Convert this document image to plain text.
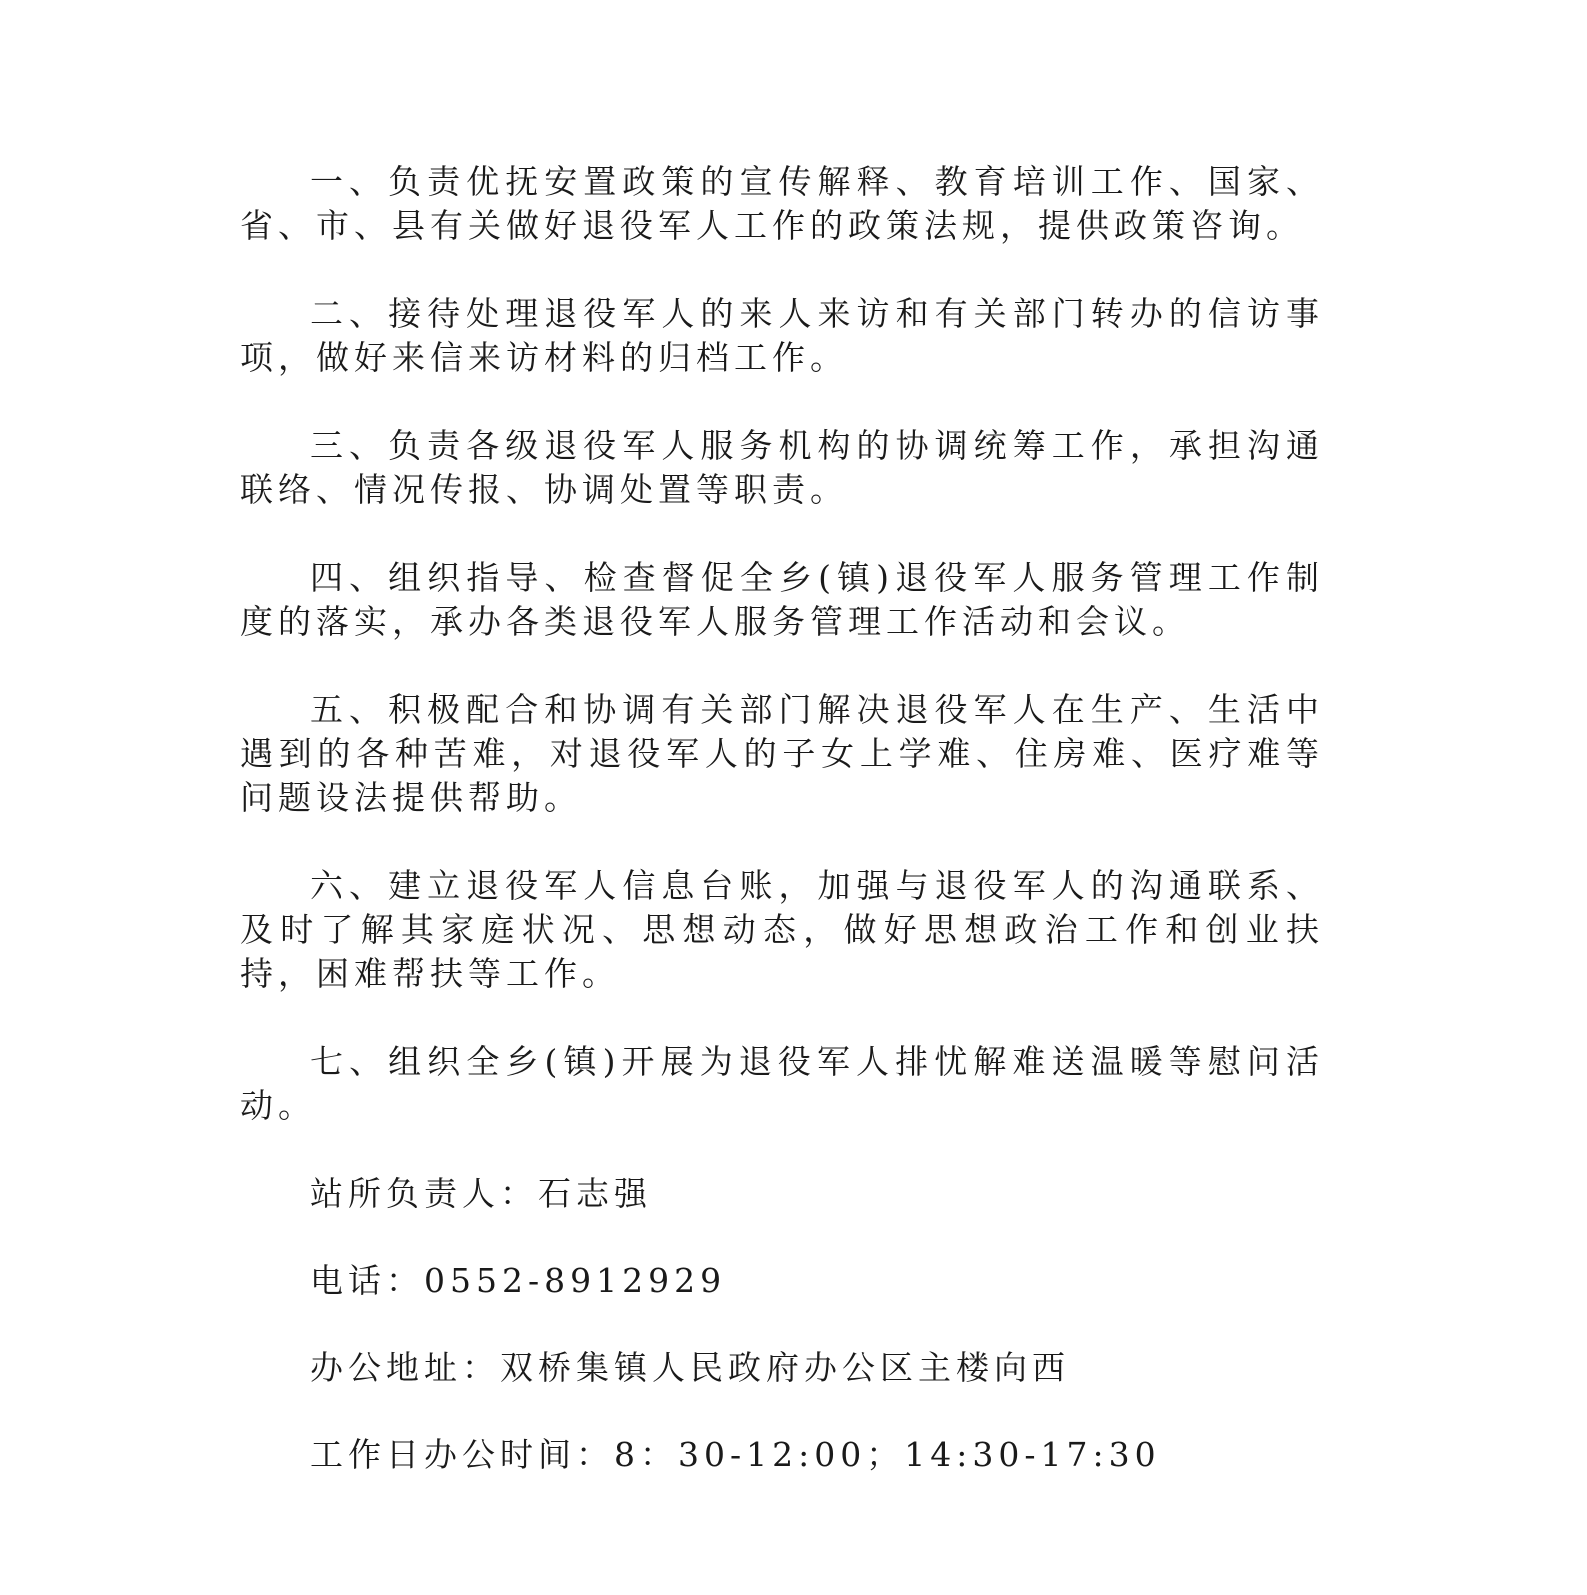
一、负责优抚安置政策的宣传解释、教育培训工作、国家、省、市、县有关做好退役军人工作的政策法规，提供政策咨询。

二、接待处理退役军人的来人来访和有关部门转办的信访事项，做好来信来访材料的归档工作。

三、负责各级退役军人服务机构的协调统筹工作，承担沟通联络、情况传报、协调处置等职责。

四、组织指导、检查督促全乡(镇)退役军人服务管理工作制度的落实，承办各类退役军人服务管理工作活动和会议。

五、积极配合和协调有关部门解决退役军人在生产、生活中遇到的各种苦难，对退役军人的子女上学难、住房难、医疗难等问题设法提供帮助。

六、建立退役军人信息台账，加强与退役军人的沟通联系、及时了解其家庭状况、思想动态，做好思想政治工作和创业扶持，困难帮扶等工作。

七、组织全乡(镇)开展为退役军人排忧解难送温暖等慰问活动。

站所负责人：石志强

电话：0552-8912929

办公地址：双桥集镇人民政府办公区主楼向西

工作日办公时间：8：30-12:00；14:30-17:30
